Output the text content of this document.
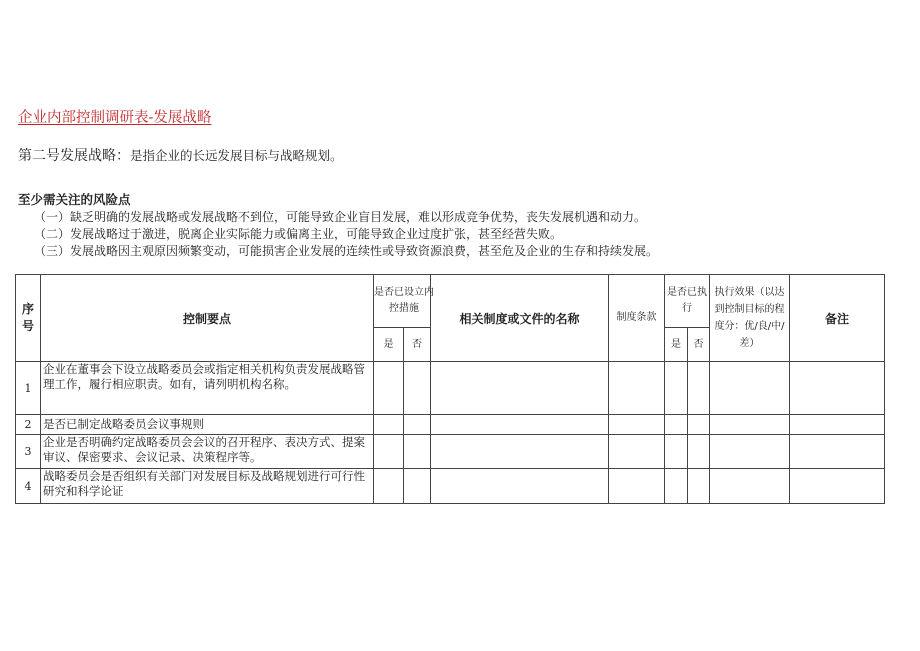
企业内部控制调研表-发展战略
第二号发展战略：是指企业的长远发展目标与战略规划。
至少需关注的风险点
（一）缺乏明确的发展战略或发展战略不到位，可能导致企业盲目发展，难以形成竞争优势，丧失发展机遇和动力。
（二）发展战略过于激进，脱离企业实际能力或偏离主业，可能导致企业过度扩张，甚至经营失败。
（三）发展战略因主观原因频繁变动，可能损害企业发展的连续性或导致资源浪费，甚至危及企业的生存和持续发展。
序号	控制要点	是否已设立内控措施		相关制度或文件的名称	制度条款	是否已执行		执行效果（以达到控制目标的程度分：优/良/中/差）	备注
		是	否			是	否		
1	企业在董事会下设立战略委员会或指定相关机构负责发展战略管理工作，履行相应职责。如有，请列明机构名称。								
2	是否已制定战略委员会议事规则								
3	企业是否明确约定战略委员会会议的召开程序、表决方式、提案审议、保密要求、会议记录、决策程序等。								
4	战略委员会是否组织有关部门对发展目标及战略规划进行可行性研究和科学论证								
